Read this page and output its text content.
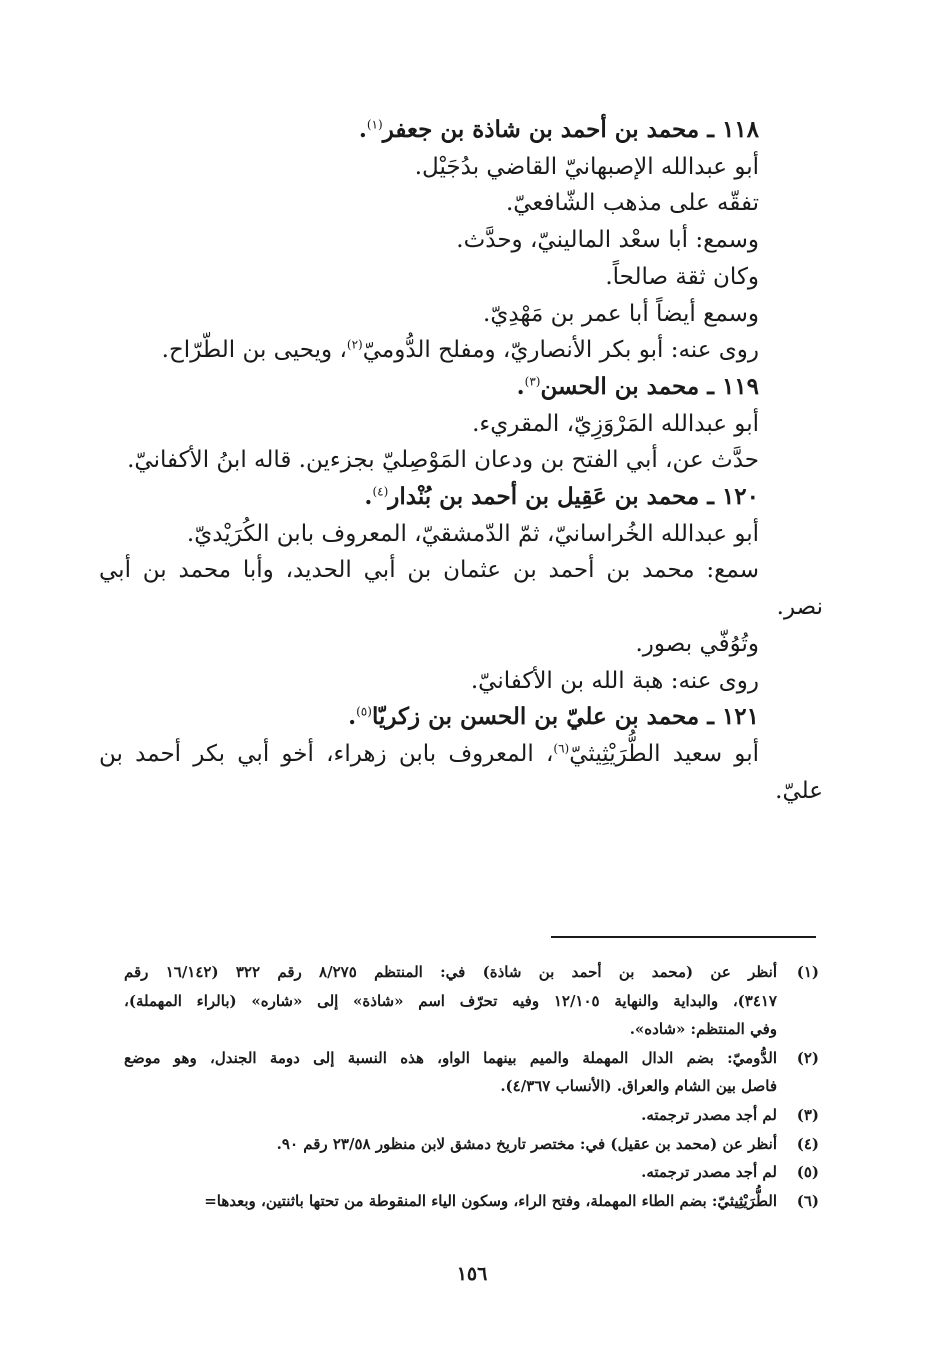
١١٨ ـ محمد بن أحمد بن شاذة بن جعفر$^{(١)}$.

أبو عبدالله الإصبهانيّ القاضي بدُجَيْل.

تفقّه على مذهب الشّافعيّ.

وسمع: أبا سعْد المالينيّ، وحدَّث.

وكان ثقة صالحاً.

وسمع أيضاً أبا عمر بن مَهْدِيّ.

روى عنه: أبو بكر الأنصاريّ، ومفلح الدُّوميّ$^{(٢)}$، ويحيى بن الطّرّاح.

١١٩ ـ محمد بن الحسن$^{(٣)}$.

أبو عبدالله المَرْوَزِيّ، المقريء.

حدَّث عن، أبي الفتح بن ودعان المَوْصِليّ بجزءين. قاله ابنُ الأكفانيّ.

١٢٠ ـ محمد بن عَقِيل بن أحمد بن بُنْدار$^{(٤)}$.

أبو عبدالله الخُراسانيّ، ثمّ الدّمشقيّ، المعروف بابن الكُرَيْديّ.

سمع: محمد بن أحمد بن عثمان بن أبي الحديد، وأبا محمد بن أبي

نصر.

وتُوُفّي بصور.

روى عنه: هبة الله بن الأكفانيّ.

١٢١ ـ محمد بن عليّ بن الحسن بن زكريّا$^{(٥)}$.

أبو سعيد الطُّرَيْثِيثيّ$^{(٦)}$، المعروف بابن زهراء، أخو أبي بكر أحمد بن

عليّ.

(١)
أنظر عن (محمد بن أحمد بن شاذة) في: المنتظم ٨/٢٧٥ رقم ٣٢٢ (١٦/١٤٢ رقم
٣٤١٧)، والبداية والنهاية ١٢/١٠٥ وفيه تحرّف اسم «شاذة» إلى «شاره» (بالراء المهملة)،
وفي المنتظم: «شاده».
(٢)
الدُّوميّ: بضم الدال المهملة والميم بينهما الواو، هذه النسبة إلى دومة الجندل، وهو موضع
فاصل بين الشام والعراق. (الأنساب ٤/٣٦٧).
(٣)
لم أجد مصدر ترجمته.
(٤)
أنظر عن (محمد بن عقيل) في: مختصر تاريخ دمشق لابن منظور ٢٣/٥٨ رقم ٩٠.
(٥)
لم أجد مصدر ترجمته.
(٦)
الطُّرَيْثِيثيّ: بضم الطاء المهملة، وفتح الراء، وسكون الياء المنقوطة من تحتها باثنتين، وبعدها=
١٥٦
